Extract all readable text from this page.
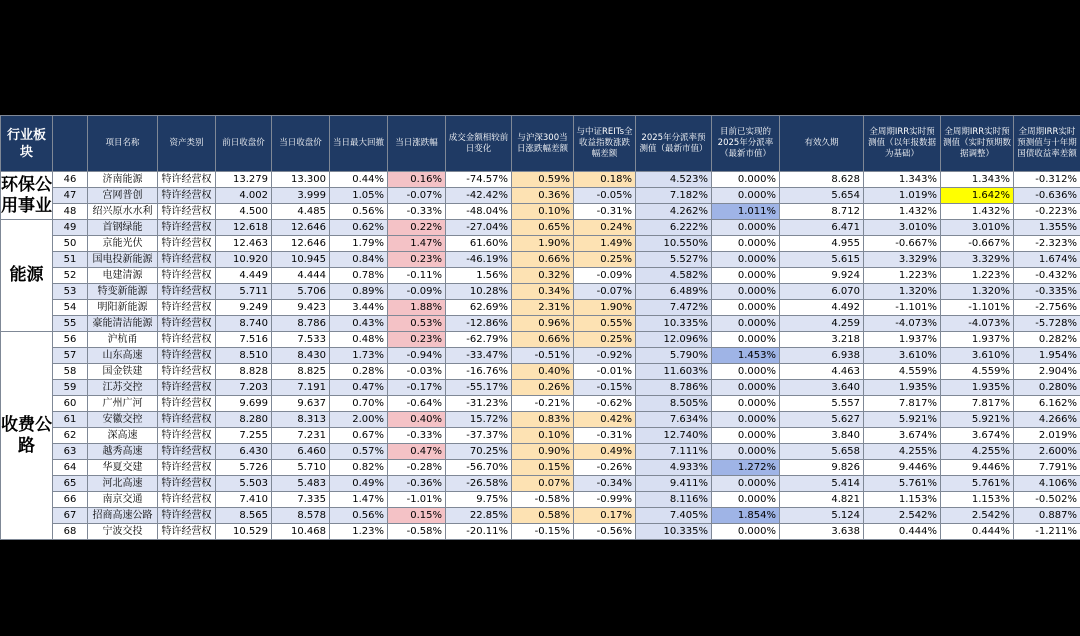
行业板块		项目名称	资产类别	前日收盘价	当日收盘价	当日最大回撤	当日涨跌幅	成交金额相较前日变化	与沪深300当日涨跌幅差额	与中证REITs全收益指数涨跌幅差额	2025年分派率预测值（最新市值）	目前已实现的2025年分派率（最新市值）	有效久期	全周期IRR实时预测值（以年报数据为基础）	全周期IRR实时预测值（实时预期数据调整）	全周期IRR实时预测值与十年期国债收益率差额
环保公用事业	46	济南能源	特许经营权	13.279	13.300	0.44%	0.16%	-74.57%	0.59%	0.18%	4.523%	0.000%	8.628	1.343%	1.343%	-0.312%
	47	宫网普创	特许经营权	4.002	3.999	1.05%	-0.07%	-42.42%	0.36%	-0.05%	7.182%	0.000%	5.654	1.019%	1.642%	-0.636%
	48	绍兴原水水利	特许经营权	4.500	4.485	0.56%	-0.33%	-48.04%	0.10%	-0.31%	4.262%	1.011%	8.712	1.432%	1.432%	-0.223%
能源	49	首钢绿能	特许经营权	12.618	12.646	0.62%	0.22%	-27.04%	0.65%	0.24%	6.222%	0.000%	6.471	3.010%	3.010%	1.355%
	50	京能光伏	特许经营权	12.463	12.646	1.79%	1.47%	61.60%	1.90%	1.49%	10.550%	0.000%	4.955	-0.667%	-0.667%	-2.323%
	51	国电投新能源	特许经营权	10.920	10.945	0.84%	0.23%	-46.19%	0.66%	0.25%	5.527%	0.000%	5.615	3.329%	3.329%	1.674%
	52	电建清源	特许经营权	4.449	4.444	0.78%	-0.11%	1.56%	0.32%	-0.09%	4.582%	0.000%	9.924	1.223%	1.223%	-0.432%
	53	特变新能源	特许经营权	5.711	5.706	0.89%	-0.09%	10.28%	0.34%	-0.07%	6.489%	0.000%	6.070	1.320%	1.320%	-0.335%
	54	明阳新能源	特许经营权	9.249	9.423	3.44%	1.88%	62.69%	2.31%	1.90%	7.472%	0.000%	4.492	-1.101%	-1.101%	-2.756%
	55	豪能清洁能源	特许经营权	8.740	8.786	0.43%	0.53%	-12.86%	0.96%	0.55%	10.335%	0.000%	4.259	-4.073%	-4.073%	-5.728%
收费公路	56	沪杭甬	特许经营权	7.516	7.533	0.48%	0.23%	-62.79%	0.66%	0.25%	12.096%	0.000%	3.218	1.937%	1.937%	0.282%
	57	山东高速	特许经营权	8.510	8.430	1.73%	-0.94%	-33.47%	-0.51%	-0.92%	5.790%	1.453%	6.938	3.610%	3.610%	1.954%
	58	国金铁建	特许经营权	8.828	8.825	0.28%	-0.03%	-16.76%	0.40%	-0.01%	11.603%	0.000%	4.463	4.559%	4.559%	2.904%
	59	江苏交控	特许经营权	7.203	7.191	0.47%	-0.17%	-55.17%	0.26%	-0.15%	8.786%	0.000%	3.640	1.935%	1.935%	0.280%
	60	广州广河	特许经营权	9.699	9.637	0.70%	-0.64%	-31.23%	-0.21%	-0.62%	8.505%	0.000%	5.557	7.817%	7.817%	6.162%
	61	安徽交控	特许经营权	8.280	8.313	2.00%	0.40%	15.72%	0.83%	0.42%	7.634%	0.000%	5.627	5.921%	5.921%	4.266%
	62	深高速	特许经营权	7.255	7.231	0.67%	-0.33%	-37.37%	0.10%	-0.31%	12.740%	0.000%	3.840	3.674%	3.674%	2.019%
	63	越秀高速	特许经营权	6.430	6.460	0.57%	0.47%	70.25%	0.90%	0.49%	7.111%	0.000%	5.658	4.255%	4.255%	2.600%
	64	华夏交建	特许经营权	5.726	5.710	0.82%	-0.28%	-56.70%	0.15%	-0.26%	4.933%	1.272%	9.826	9.446%	9.446%	7.791%
	65	河北高速	特许经营权	5.503	5.483	0.49%	-0.36%	-26.58%	0.07%	-0.34%	9.411%	0.000%	5.414	5.761%	5.761%	4.106%
	66	南京交通	特许经营权	7.410	7.335	1.47%	-1.01%	9.75%	-0.58%	-0.99%	8.116%	0.000%	4.821	1.153%	1.153%	-0.502%
	67	招商高速公路	特许经营权	8.565	8.578	0.56%	0.15%	22.85%	0.58%	0.17%	7.405%	1.854%	5.124	2.542%	2.542%	0.887%
	68	宁波交投	特许经营权	10.529	10.468	1.23%	-0.58%	-20.11%	-0.15%	-0.56%	10.335%	0.000%	3.638	0.444%	0.444%	-1.211%
